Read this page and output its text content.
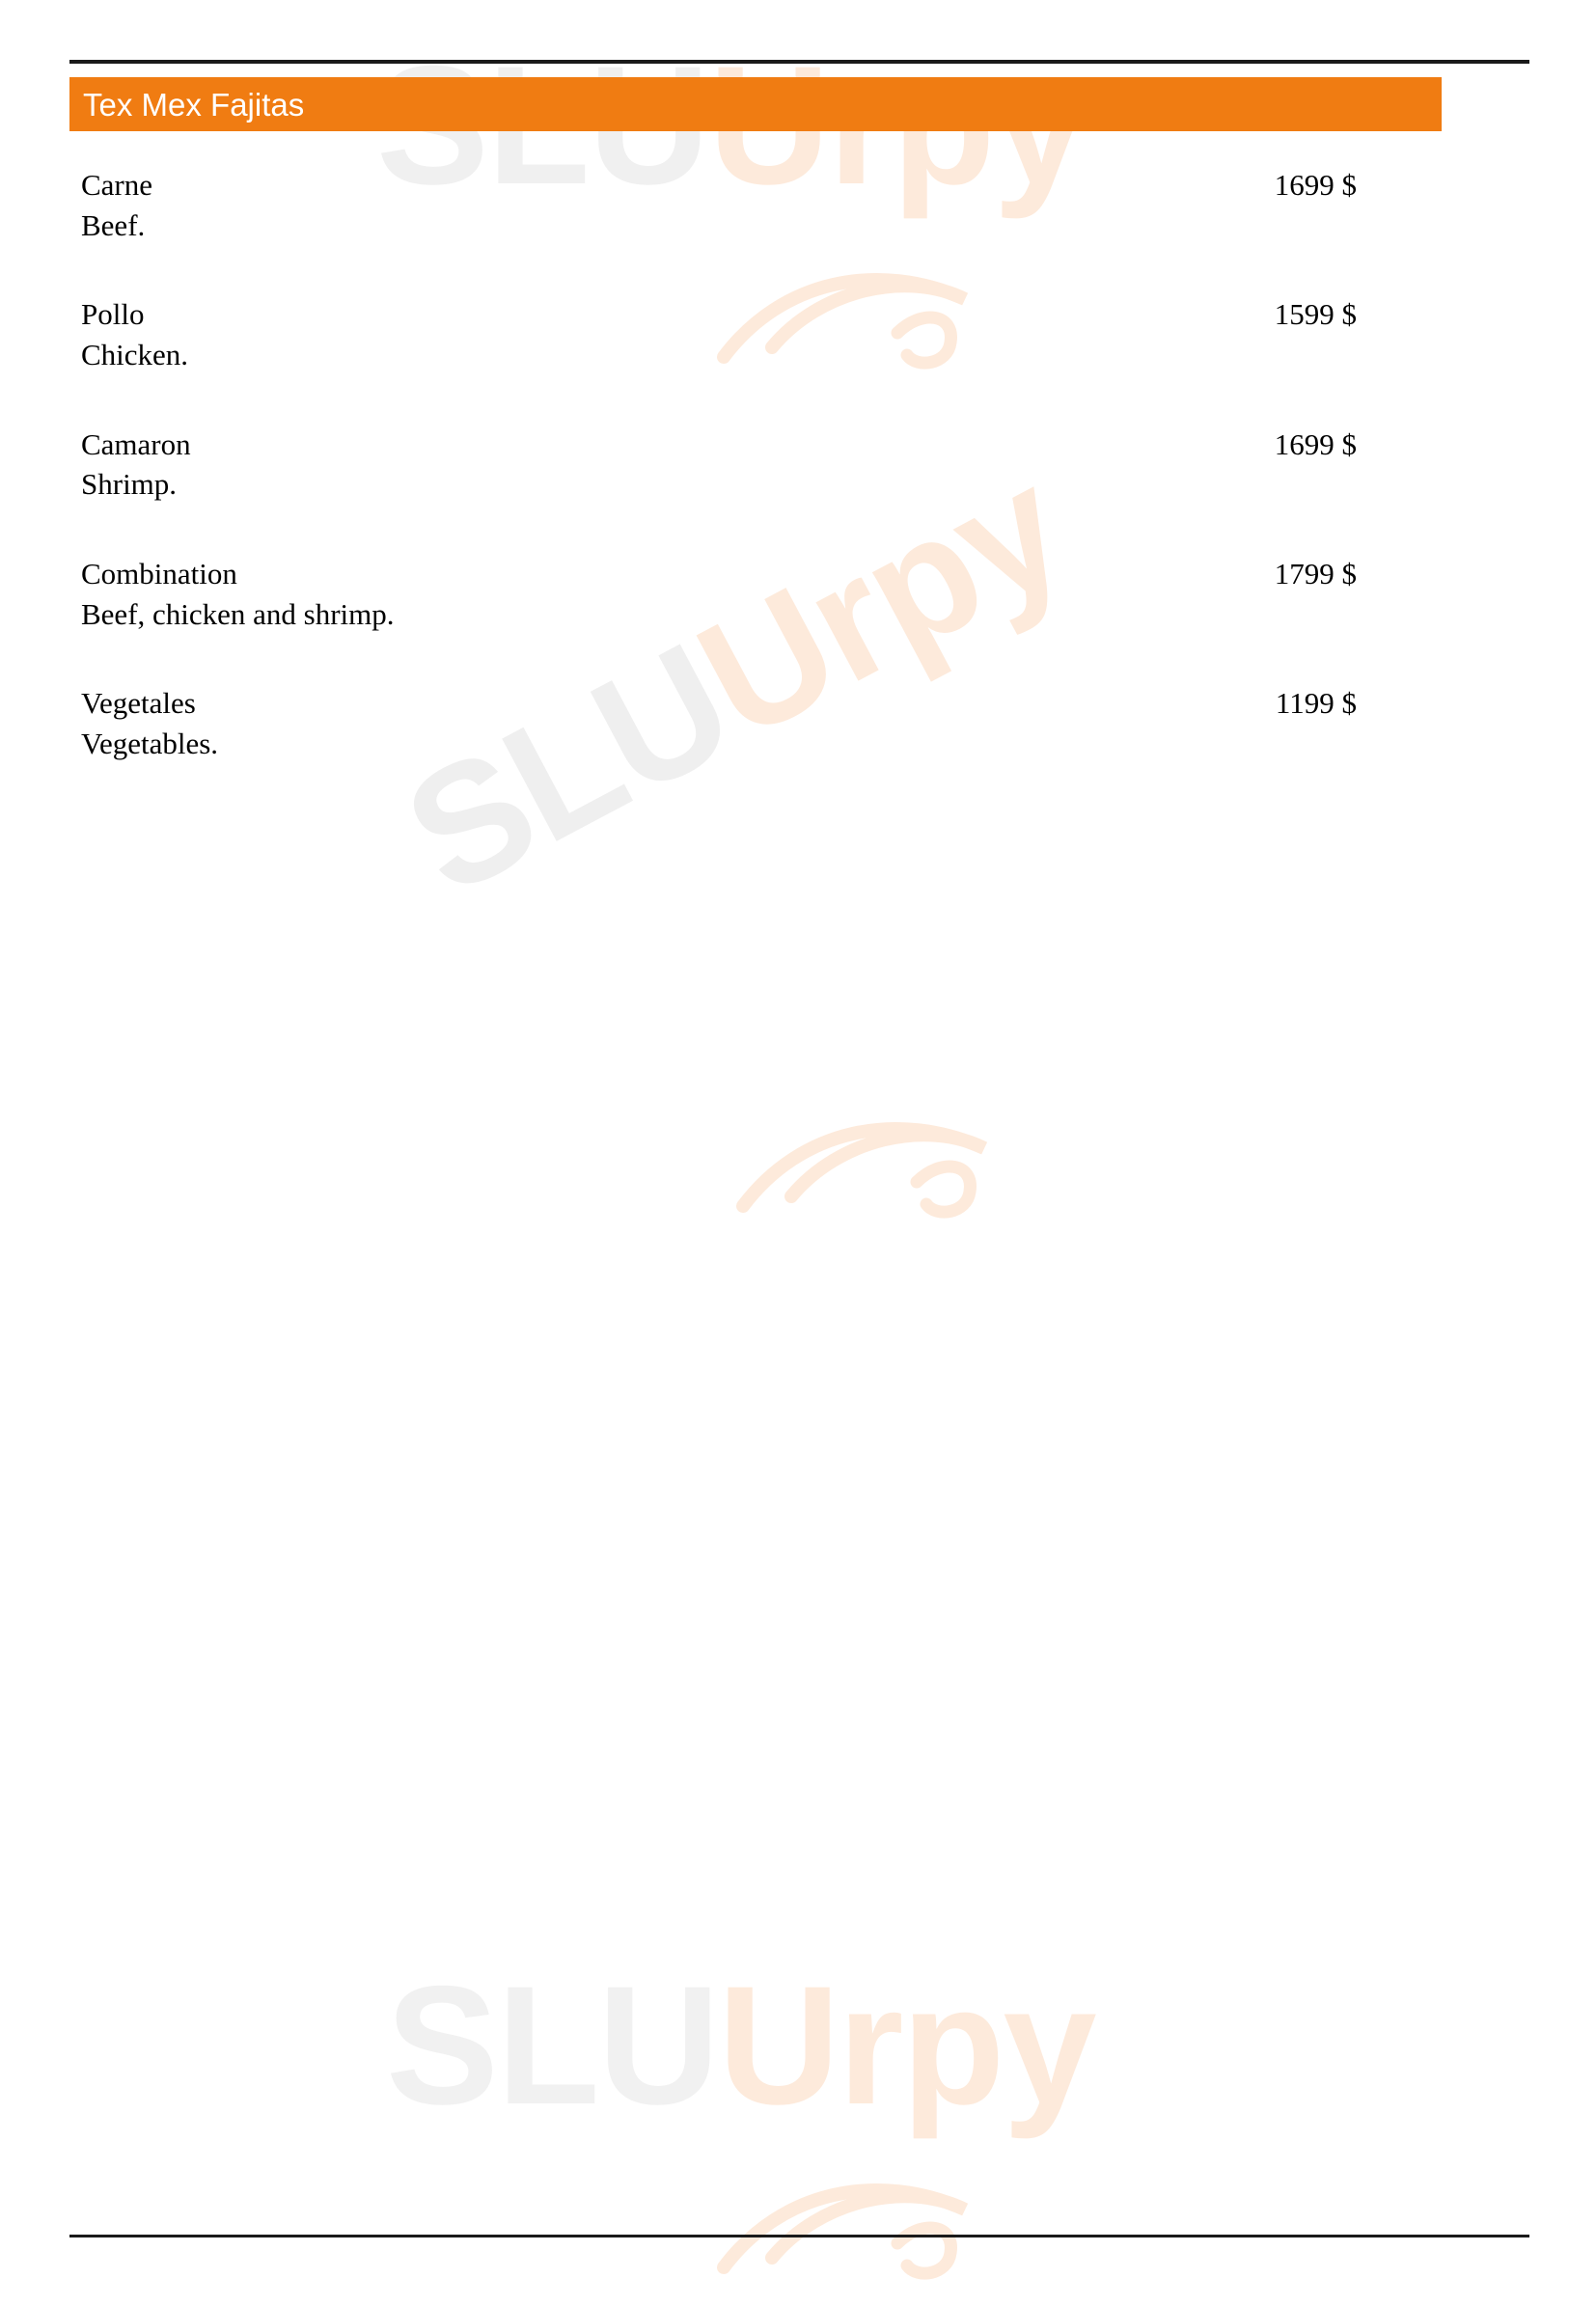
SLUUrpy
SLUUrpy
Tex Mex Fajitas
Carne	1699 $
Beef.
Pollo	1599 $
Chicken.
Camaron	1699 $
Shrimp.
Combination	1799 $
Beef, chicken and shrimp.
Vegetales	1199 $
Vegetables.
